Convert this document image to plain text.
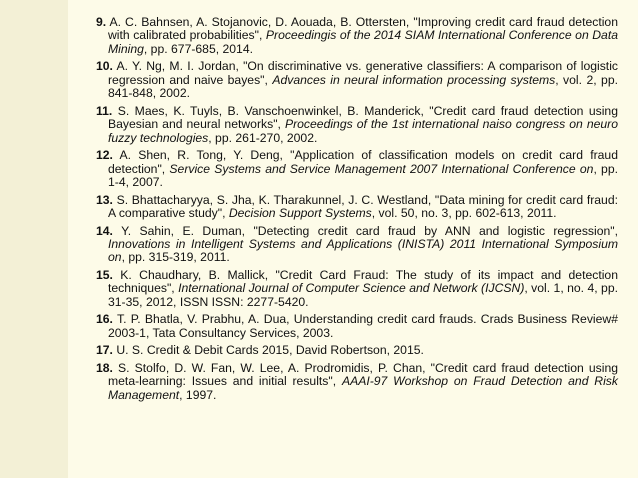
9. A. C. Bahnsen, A. Stojanovic, D. Aouada, B. Ottersten, "Improving credit card fraud detection with calibrated probabilities", Proceedingis of the 2014 SIAM International Conference on Data Mining, pp. 677-685, 2014.
10. A. Y. Ng, M. I. Jordan, "On discriminative vs. generative classifiers: A comparison of logistic regression and naive bayes", Advances in neural information processing systems, vol. 2, pp. 841-848, 2002.
11. S. Maes, K. Tuyls, B. Vanschoenwinkel, B. Manderick, "Credit card fraud detection using Bayesian and neural networks", Proceedings of the 1st international naiso congress on neuro fuzzy technologies, pp. 261-270, 2002.
12. A. Shen, R. Tong, Y. Deng, "Application of classification models on credit card fraud detection", Service Systems and Service Management 2007 International Conference on, pp. 1-4, 2007.
13. S. Bhattacharyya, S. Jha, K. Tharakunnel, J. C. Westland, "Data mining for credit card fraud: A comparative study", Decision Support Systems, vol. 50, no. 3, pp. 602-613, 2011.
14. Y. Sahin, E. Duman, "Detecting credit card fraud by ANN and logistic regression", Innovations in Intelligent Systems and Applications (INISTA) 2011 International Symposium on, pp. 315-319, 2011.
15. K. Chaudhary, B. Mallick, "Credit Card Fraud: The study of its impact and detection techniques", International Journal of Computer Science and Network (IJCSN), vol. 1, no. 4, pp. 31-35, 2012, ISSN ISSN: 2277-5420.
16. T. P. Bhatla, V. Prabhu, A. Dua, Understanding credit card frauds. Crads Business Review# 2003-1, Tata Consultancy Services, 2003.
17. U. S. Credit & Debit Cards 2015, David Robertson, 2015.
18. S. Stolfo, D. W. Fan, W. Lee, A. Prodromidis, P. Chan, "Credit card fraud detection using meta-learning: Issues and initial results", AAAI-97 Workshop on Fraud Detection and Risk Management, 1997.
